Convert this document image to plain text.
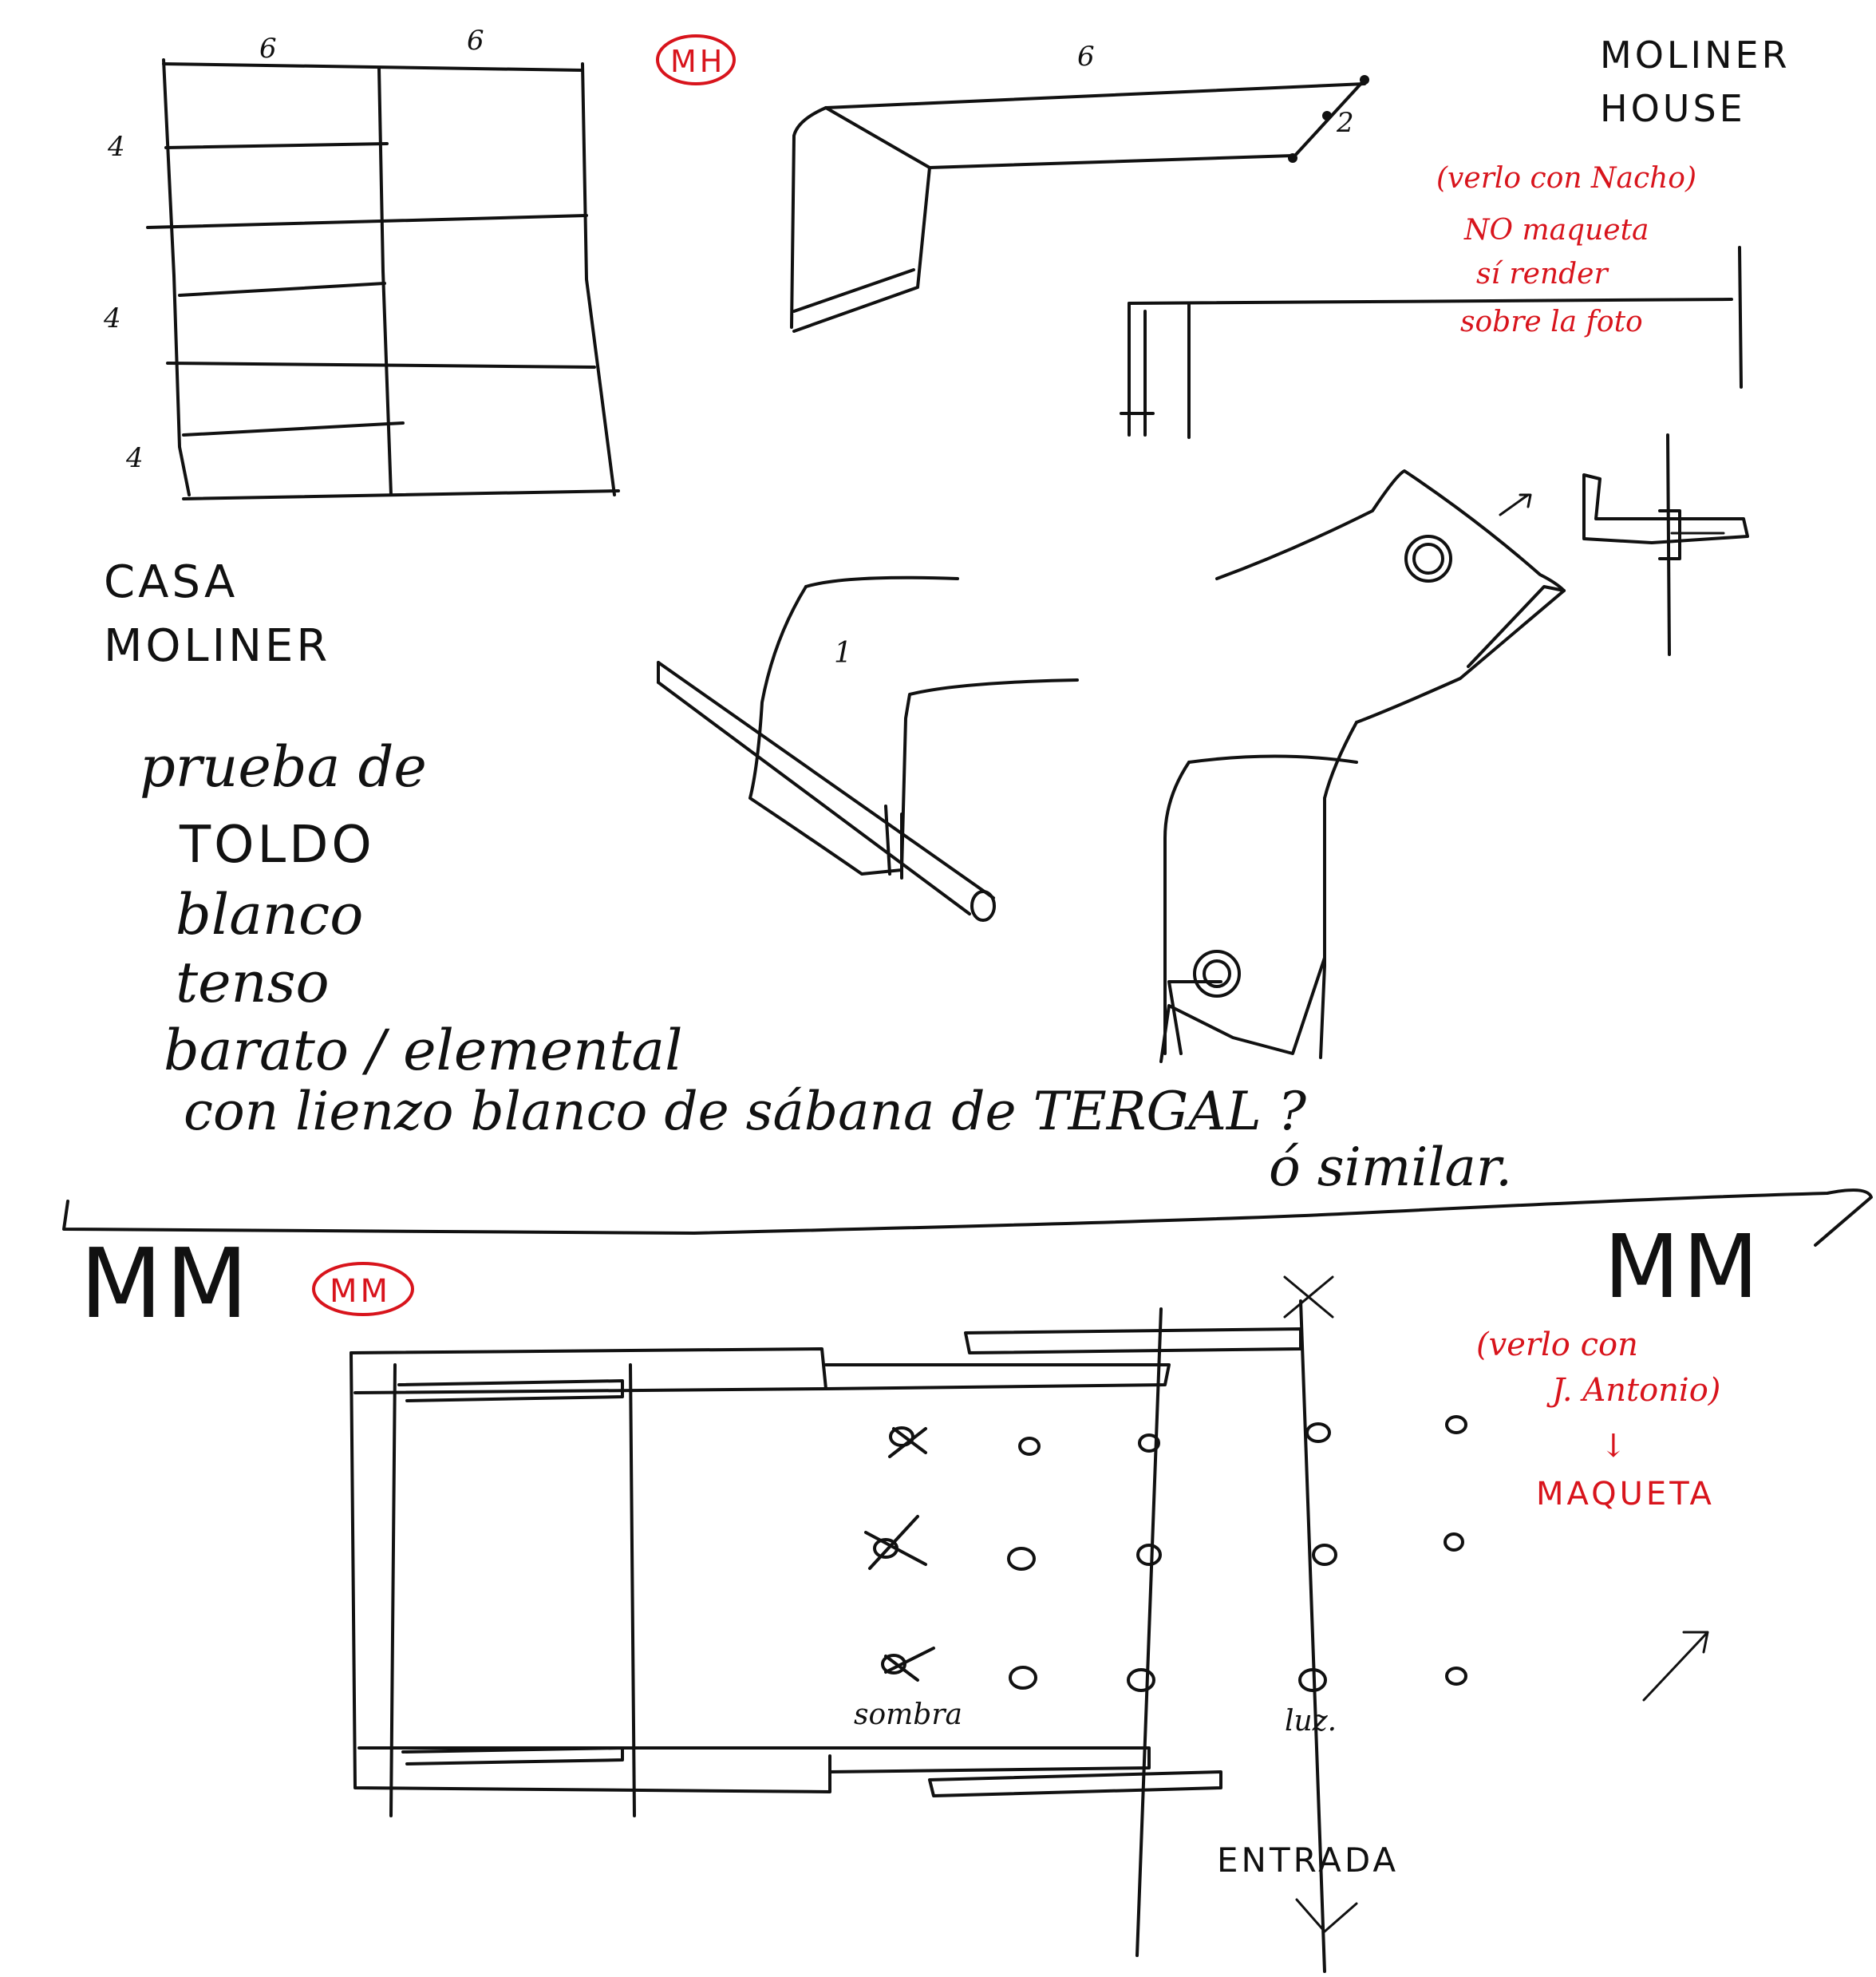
6	6
4
4
4
CASA
MOLINER
MH	6
2
1
MOLINER
HOUSE
(verlo con Nacho)
NO maqueta
sí render
sobre la foto
prueba de
TOLDO
blanco
tenso
barato / elemental
con lienzo blanco de sábana de TERGAL ?
ó similar.
MM MM	MM
(verlo con
J. Antonio)
↓
MAQUETA
sombra	luz.
ENTRADA
